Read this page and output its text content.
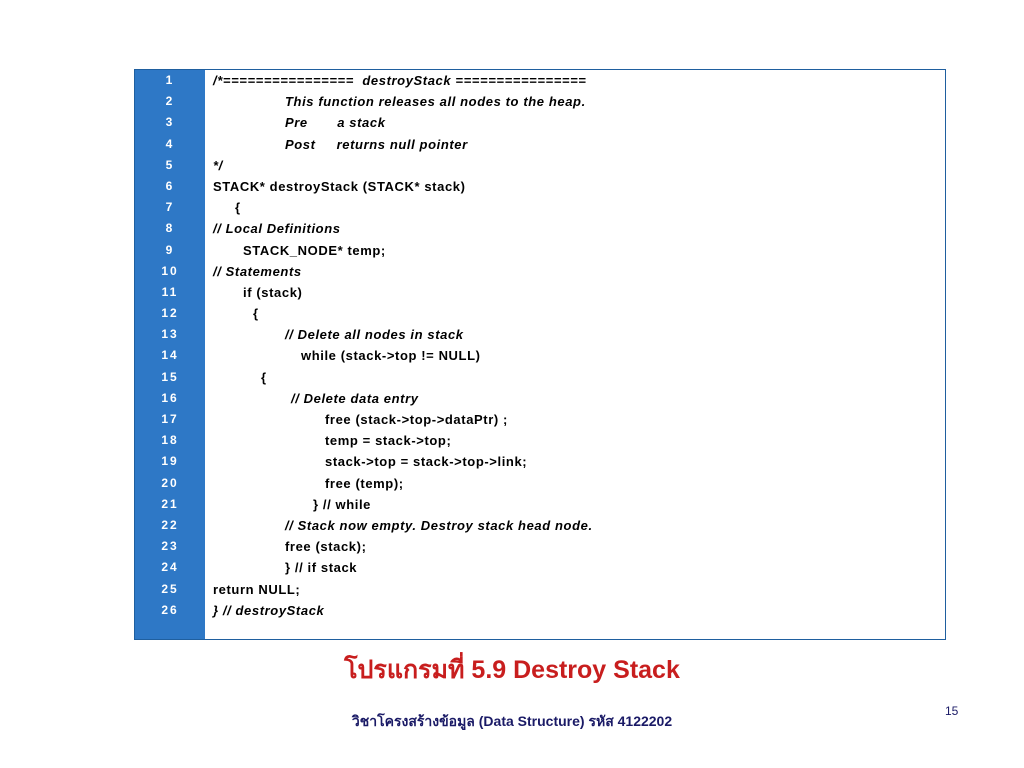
1	/*================  destroyStack ================
2	This function releases all nodes to the heap.
3	Pre       a stack
4	Post     returns null pointer
5	*/
6	STACK* destroyStack (STACK* stack)
7	{
8	// Local Definitions
9	STACK_NODE* temp;
10	// Statements
11	if (stack)
12	{
13	// Delete all nodes in stack
14	while (stack->top != NULL)
15	{
16	// Delete data entry
17	free (stack->top->dataPtr) ;
18	temp = stack->top;
19	stack->top = stack->top->link;
20	free (temp);
21	} // while
22	// Stack now empty. Destroy stack head node.
23	free (stack);
24	} // if stack
25	return NULL;
26	} // destroyStack
โปรแกรมที่ 5.9 Destroy Stack
วิชาโครงสร้างข้อมูล (Data Structure) รหัส 4122202
15
